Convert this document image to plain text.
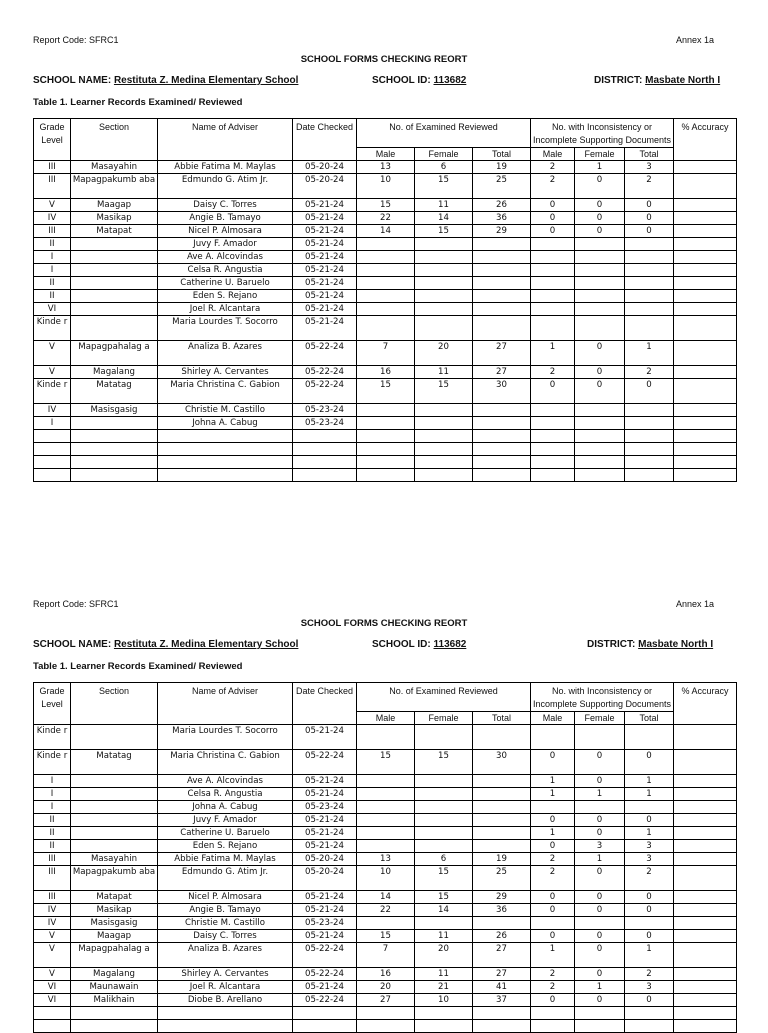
Report Code: SFRC1	Annex 1a
SCHOOL FORMS CHECKING REORT
SCHOOL NAME: Restituta Z. Medina Elementary School	SCHOOL ID: 113682	DISTRICT: Masbate North I
Table 1. Learner Records Examined/ Reviewed
Grade Level	Section	Name of Adviser	Date Checked	No. of Examined Reviewed			No. with Inconsistency or Incomplete Supporting Documents			% Accuracy
				Male	Female	Total	Male	Female	Total	
III	Masayahin	Abbie Fatima M. Maylas	05-20-24	13	6	19	2	1	3	
III	Mapagpakumb aba	Edmundo G. Atim Jr.	05-20-24	10	15	25	2	0	2	
V	Maagap	Daisy C. Torres	05-21-24	15	11	26	0	0	0	
IV	Masikap	Angie B. Tamayo	05-21-24	22	14	36	0	0	0	
III	Matapat	Nicel P. Almosara	05-21-24	14	15	29	0	0	0	
II		Juvy F. Amador	05-21-24							
I		Ave A. Alcovindas	05-21-24							
I		Celsa R. Angustia	05-21-24							
II		Catherine U. Baruelo	05-21-24							
II		Eden S. Rejano	05-21-24							
VI		Joel R. Alcantara	05-21-24							
Kinde r		Maria Lourdes T. Socorro	05-21-24							
V	Mapagpahalag a	Analiza B. Azares	05-22-24	7	20	27	1	0	1	
V	Magalang	Shirley A. Cervantes	05-22-24	16	11	27	2	0	2	
Kinde r	Matatag	Maria Christina C. Gabion	05-22-24	15	15	30	0	0	0	
IV	Masisgasig	Christie M. Castillo	05-23-24							
I		Johna A. Cabug	05-23-24							

Report Code: SFRC1	Annex 1a
SCHOOL FORMS CHECKING REORT
SCHOOL NAME: Restituta Z. Medina Elementary School	SCHOOL ID: 113682	DISTRICT: Masbate North I
Table 1. Learner Records Examined/ Reviewed
Grade Level	Section	Name of Adviser	Date Checked	No. of Examined Reviewed			No. with Inconsistency or Incomplete Supporting Documents			% Accuracy
				Male	Female	Total	Male	Female	Total	
Kinde r		Maria Lourdes T. Socorro	05-21-24							
Kinde r	Matatag	Maria Christina C. Gabion	05-22-24	15	15	30	0	0	0	
I		Ave A. Alcovindas	05-21-24				1	0	1	
I		Celsa R. Angustia	05-21-24				1	1	1	
I		Johna A. Cabug	05-23-24							
II		Juvy F. Amador	05-21-24				0	0	0	
II		Catherine U. Baruelo	05-21-24				1	0	1	
II		Eden S. Rejano	05-21-24				0	3	3	
III	Masayahin	Abbie Fatima M. Maylas	05-20-24	13	6	19	2	1	3	
III	Mapagpakumb aba	Edmundo G. Atim Jr.	05-20-24	10	15	25	2	0	2	
III	Matapat	Nicel P. Almosara	05-21-24	14	15	29	0	0	0	
IV	Masikap	Angie B. Tamayo	05-21-24	22	14	36	0	0	0	
IV	Masisgasig	Christie M. Castillo	05-23-24							
V	Maagap	Daisy C. Torres	05-21-24	15	11	26	0	0	0	
V	Mapagpahalag a	Analiza B. Azares	05-22-24	7	20	27	1	0	1	
V	Magalang	Shirley A. Cervantes	05-22-24	16	11	27	2	0	2	
VI	Maunawain	Joel R. Alcantara	05-21-24	20	21	41	2	1	3	
VI	Malikhain	Diobe B. Arellano	05-22-24	27	10	37	0	0	0	
